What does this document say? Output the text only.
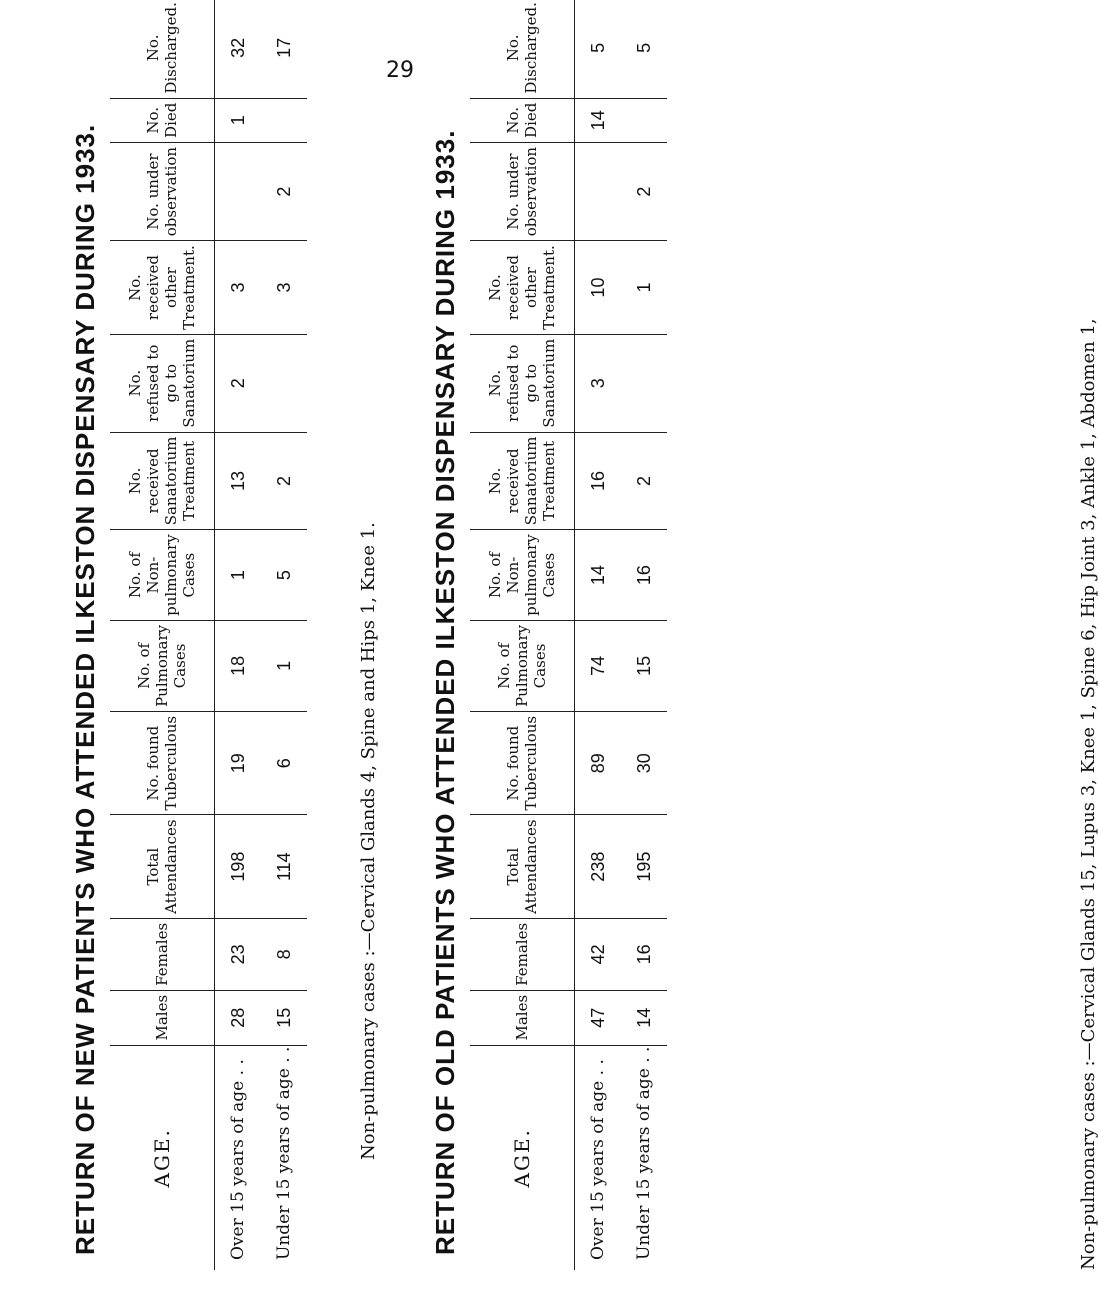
29
RETURN OF NEW PATIENTS WHO ATTENDED ILKESTON DISPENSARY DURING 1933.	AGE.	Males	Females	Total Attendances	No. found Tuberculous	No. of Pulmonary Cases	No. of Non-pulmonary Cases	No. received Sanatorium Treatment	No. refused to go to Sanatorium	No. received other Treatment.	No. under observation	No. Died	No. Discharged.				
Over 15 years of age . .	28	23	198	19	18	1	13	2	3		1	32				
Under 15 years of age . .	15	8	114	6	1	5	2		3	2		17				
Non-pulmonary cases :—Cervical Glands 4, Spine and Hips 1, Knee 1.	RETURN OF OLD PATIENTS WHO ATTENDED ILKESTON DISPENSARY DURING 1933.	AGE.	Males	Females	Total Attendances	No. found Tuberculous	No. of Pulmonary Cases	No. of Non-pulmonary Cases	No. received Sanatorium Treatment	No. refused to go to Sanatorium	No. received other Treatment.	No. under observation	No. Died	No. Discharged.				
Over 15 years of age . .	47	42	238	89	74	14	16	3	10		14	5				
Under 15 years of age . .	14	16	195	30	15	16	2		1	2		5				
Non-pulmonary cases :—Cervical Glands 15, Lupus 3, Knee 1, Spine 6, Hip Joint 3, Ankle 1, Abdomen 1,
